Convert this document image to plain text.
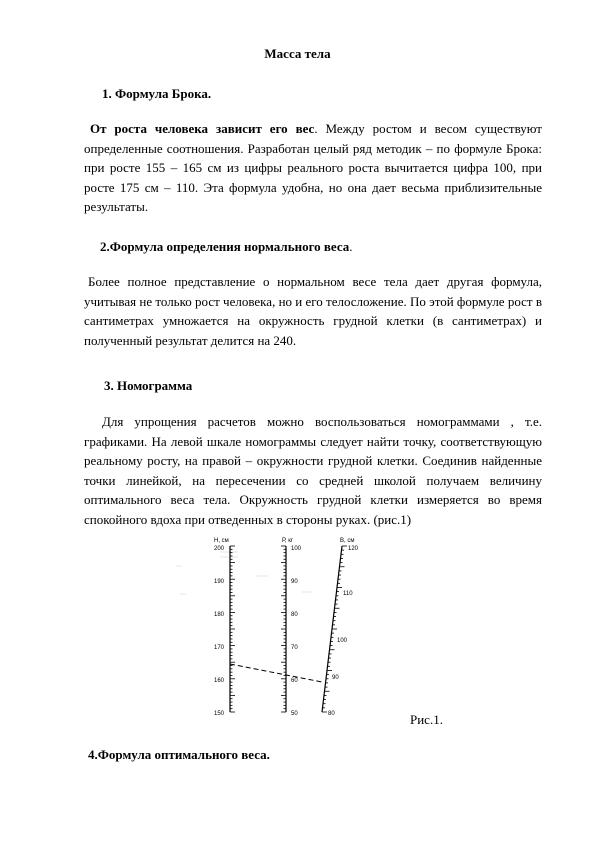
Масса тела
1. Формула Брока.
От роста человека зависит его вес. Между ростом и весом существуют определенные соотношения. Разработан целый ряд методик – по формуле Брока: при росте 155 – 165 см из цифры реального роста вычитается цифра 100, при росте 175 см – 110. Эта формула удобна, но она дает весьма приблизительные результаты.
2.Формула определения нормального веса.
Более полное представление о нормальном весе тела дает другая формула, учитывая не только рост человека, но и его телосложение. По этой формуле рост в сантиметрах умножается на окружность грудной клетки (в сантиметрах) и полученный результат делится на 240.
3. Номограмма
Для упрощения расчетов можно воспользоваться номограммами , т.е. графиками. На левой шкале номограммы следует найти точку, соответствующую реальному росту, на правой – окружности грудной клетки. Соединив найденные точки линейкой, на пересечении со средней школой получаем величину оптимального веса тела. Окружность грудной клетки измеряется во время спокойного вдоха при отведенных в стороны руках. (рис.1)
Н, см
200
190
180
170
160
150
Р, кг
100
90
80
70
60
50
В, см
120
110
100
90
80	Рис.1.
4.Формула оптимального веса.
